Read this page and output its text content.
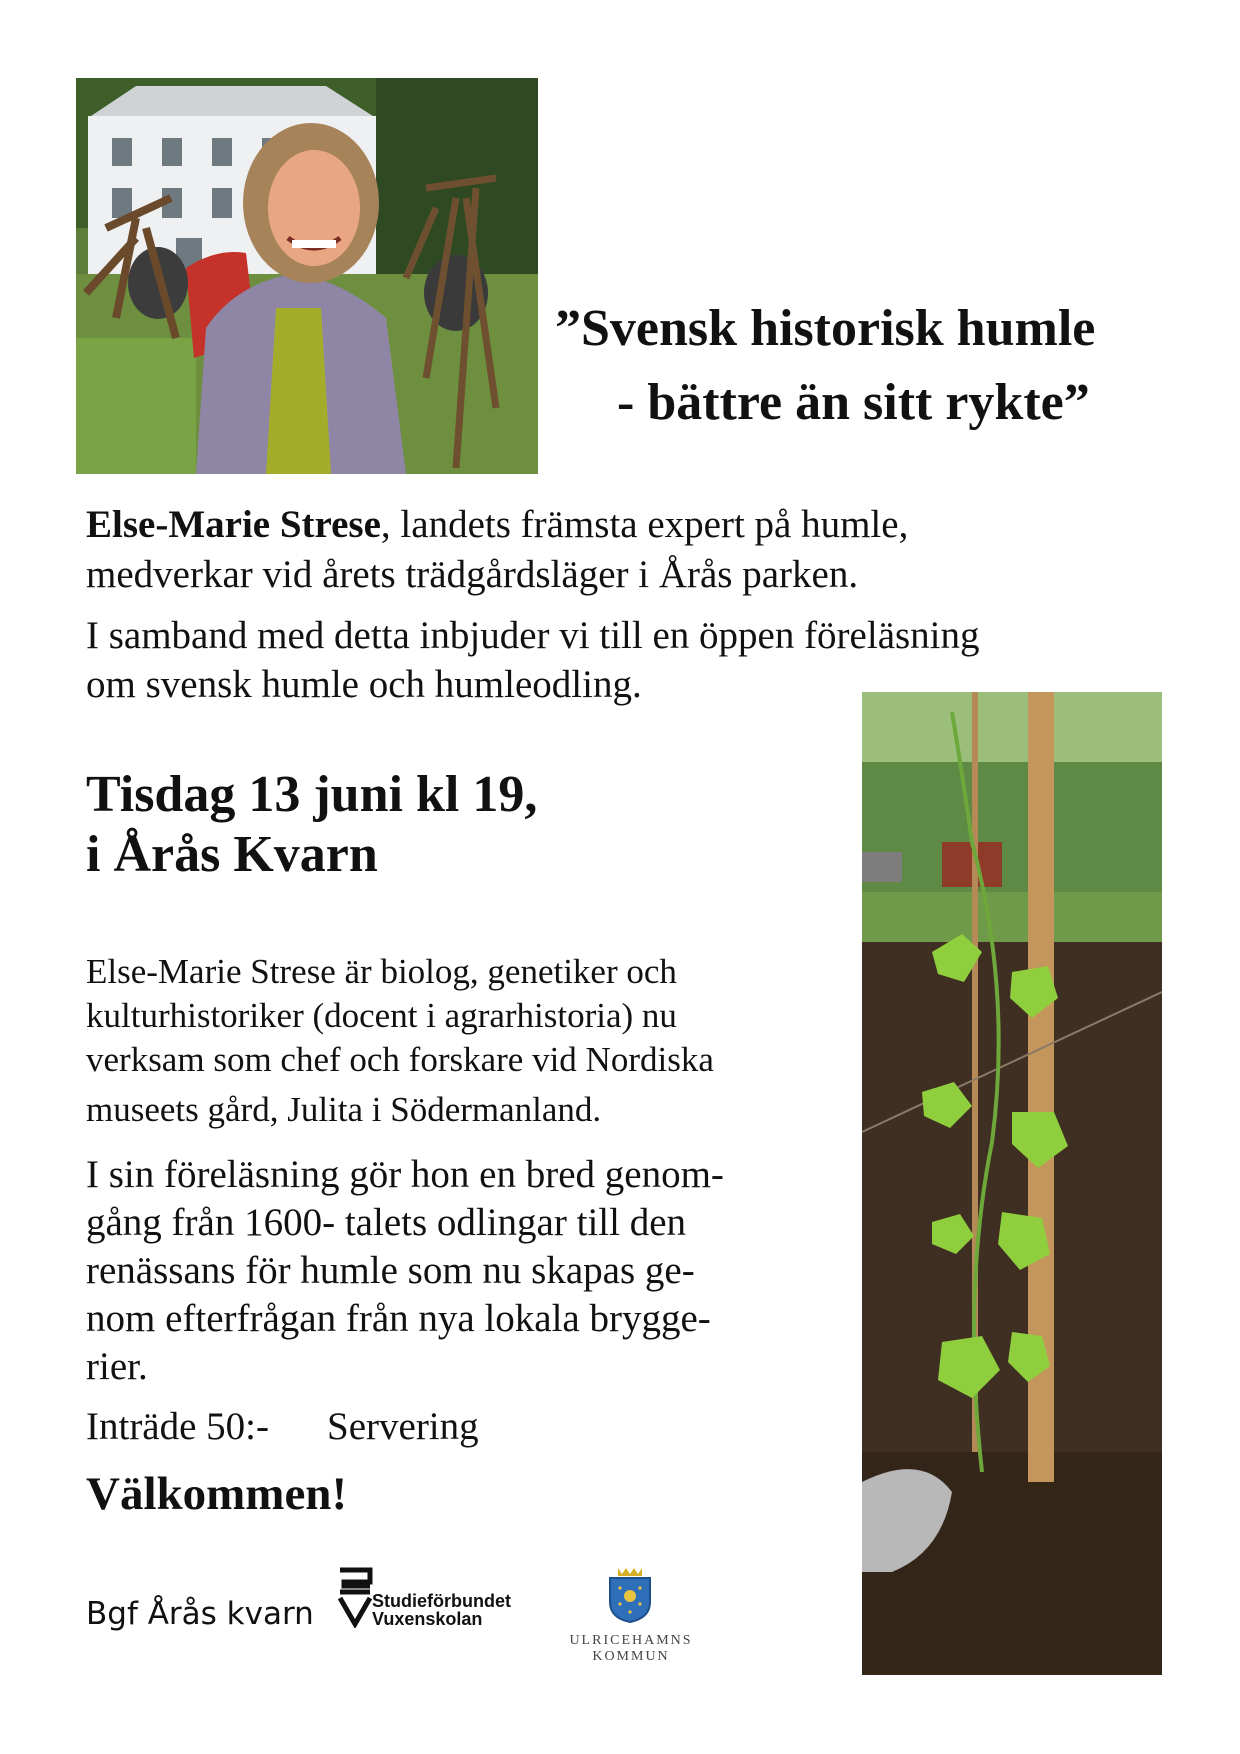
”Svensk historisk humle
- bättre än sitt rykte”
Else-Marie Strese, landets främsta expert på humle,
medverkar vid årets trädgårdsläger i Årås parken.
I samband med detta inbjuder vi till en öppen föreläsning
om svensk humle och humleodling.
Tisdag 13 juni kl 19,
i Årås Kvarn
Else-Marie Strese är biolog, genetiker och
kulturhistoriker (docent i agrarhistoria) nu
verksam som chef och forskare vid Nordiska
museets gård, Julita i Södermanland.
I sin föreläsning gör hon en bred genom-
gång från 1600- talets odlingar till den
renässans för humle som nu skapas ge-
nom efterfrågan från nya lokala brygge-
rier.
Inträde 50:- Servering
Välkommen!
Bgf Årås kvarn	Studieförbundet
Vuxenskolan
ULRICEHAMNS
KOMMUN
